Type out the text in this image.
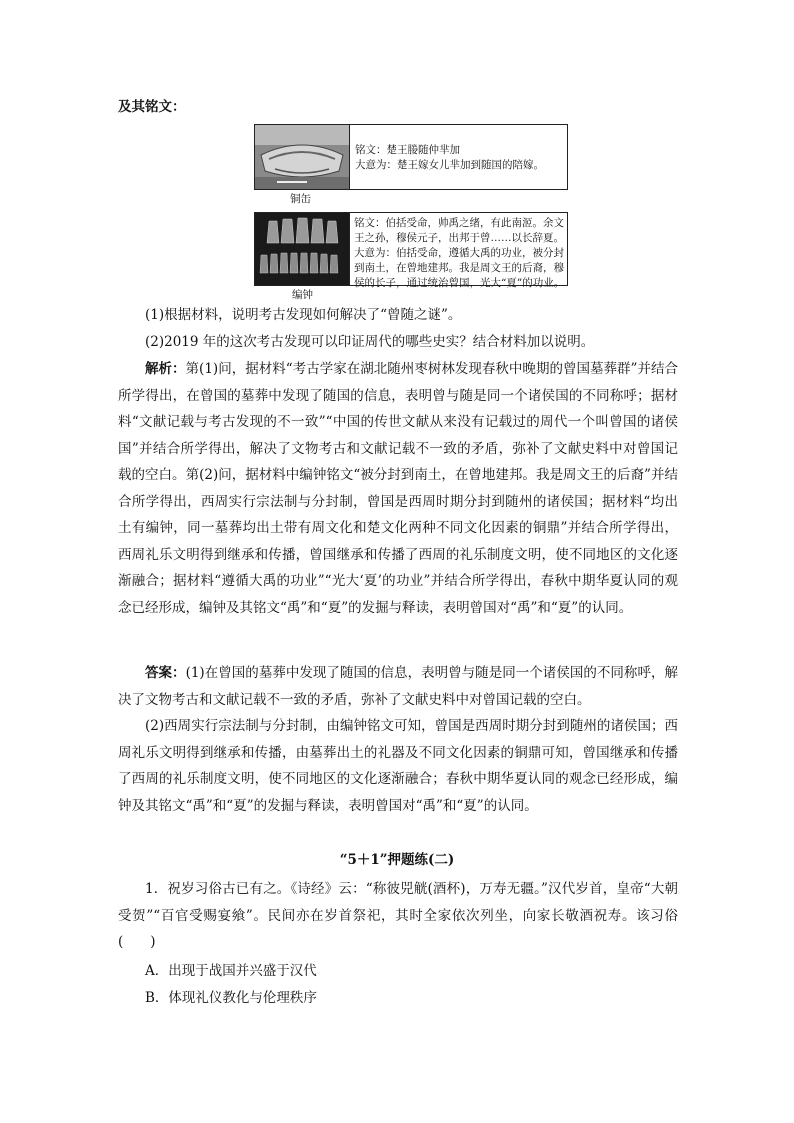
及其铭文：
铭文：楚王媵随仲芈加
大意为：楚王嫁女儿芈加到随国的陪嫁。
铜缶
铭文：伯括受命，帅禹之绪，有此南洍。余文
王之孙，穆侯元子，出邦于曾……以长辞夏。
大意为：伯括受命，遵循大禹的功业，被分封
到南土，在曾地建邦。我是周文王的后裔，穆
侯的长子，通过统治曾国，光大“夏”的功业。
编钟
(1)根据材料，说明考古发现如何解决了“曾随之谜”。
(2)2019 年的这次考古发现可以印证周代的哪些史实？结合材料加以说明。
解析：第(1)问，据材料“考古学家在湖北随州枣树林发现春秋中晚期的曾国墓葬群”并结合所学得出，在曾国的墓葬中发现了随国的信息，表明曾与随是同一个诸侯国的不同称呼；据材料“文献记载与考古发现的不一致”“中国的传世文献从来没有记载过的周代一个叫曾国的诸侯国”并结合所学得出，解决了文物考古和文献记载不一致的矛盾，弥补了文献史料中对曾国记载的空白。第(2)问，据材料中编钟铭文“被分封到南土，在曾地建邦。我是周文王的后裔”并结合所学得出，西周实行宗法制与分封制，曾国是西周时期分封到随州的诸侯国；据材料“均出土有编钟，同一墓葬均出土带有周文化和楚文化两种不同文化因素的铜鼎”并结合所学得出，西周礼乐文明得到继承和传播，曾国继承和传播了西周的礼乐制度文明，使不同地区的文化逐渐融合；据材料“遵循大禹的功业”“光大‘夏’的功业”并结合所学得出，春秋中期华夏认同的观念已经形成，编钟及其铭文“禹”和“夏”的发掘与释读，表明曾国对“禹”和“夏”的认同。
答案：(1)在曾国的墓葬中发现了随国的信息，表明曾与随是同一个诸侯国的不同称呼，解决了文物考古和文献记载不一致的矛盾，弥补了文献史料中对曾国记载的空白。
(2)西周实行宗法制与分封制，由编钟铭文可知，曾国是西周时期分封到随州的诸侯国；西周礼乐文明得到继承和传播，由墓葬出土的礼器及不同文化因素的铜鼎可知，曾国继承和传播了西周的礼乐制度文明，使不同地区的文化逐渐融合；春秋中期华夏认同的观念已经形成，编钟及其铭文“禹”和“夏”的发掘与释读，表明曾国对“禹”和“夏”的认同。
“5＋1”押题练(二)
1．祝岁习俗古已有之。《诗经》云：“称彼兕觥(酒杯)，万寿无疆。”汉代岁首，皇帝“大朝受贺”“百官受赐宴飨”。民间亦在岁首祭祀，其时全家依次列坐，向家长敬酒祝寿。该习俗(　　)
A．出现于战国并兴盛于汉代
B．体现礼仪教化与伦理秩序
